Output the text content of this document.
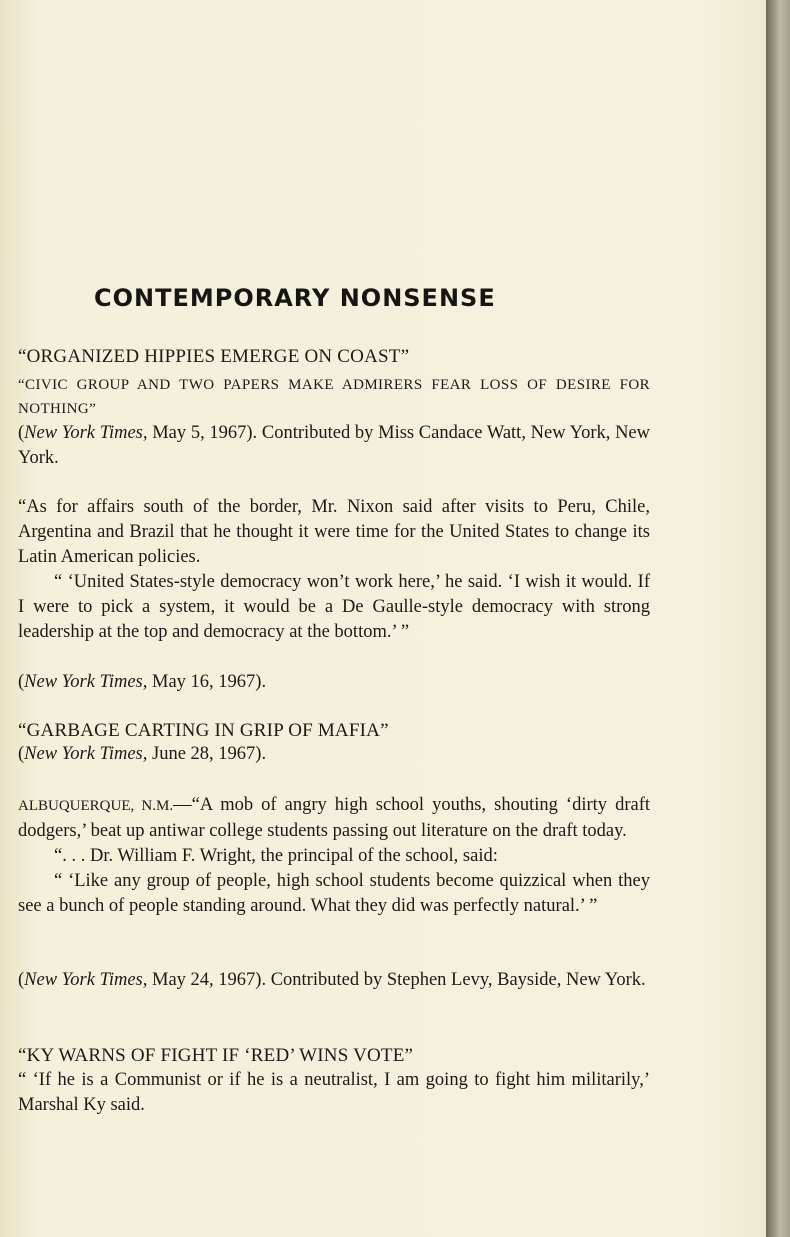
CONTEMPORARY NONSENSE
“ORGANIZED HIPPIES EMERGE ON COAST”
“CIVIC GROUP AND TWO PAPERS MAKE ADMIRERS FEAR LOSS OF DESIRE FOR NOTHING”
(New York Times, May 5, 1967). Contributed by Miss Candace Watt, New York, New York.

“As for affairs south of the border, Mr. Nixon said after visits to Peru, Chile, Argentina and Brazil that he thought it were time for the United States to change its Latin American policies.

“ ‘United States-style democracy won’t work here,’ he said. ‘I wish it would. If I were to pick a system, it would be a De Gaulle-style democracy with strong leadership at the top and democracy at the bottom.’ ”

(New York Times, May 16, 1967).
“GARBAGE CARTING IN GRIP OF MAFIA”
(New York Times, June 28, 1967).

ALBUQUERQUE, N.M.—“A mob of angry high school youths, shouting ‘dirty draft dodgers,’ beat up antiwar college students passing out literature on the draft today.

“. . . Dr. William F. Wright, the principal of the school, said:

“ ‘Like any group of people, high school students become quizzical when they see a bunch of people standing around. What they did was perfectly natural.’ ”

(New York Times, May 24, 1967). Contributed by Stephen Levy, Bayside, New York.
“KY WARNS OF FIGHT IF ‘RED’ WINS VOTE”

“ ‘If he is a Communist or if he is a neutralist, I am going to fight him militarily,’ Marshal Ky said.
